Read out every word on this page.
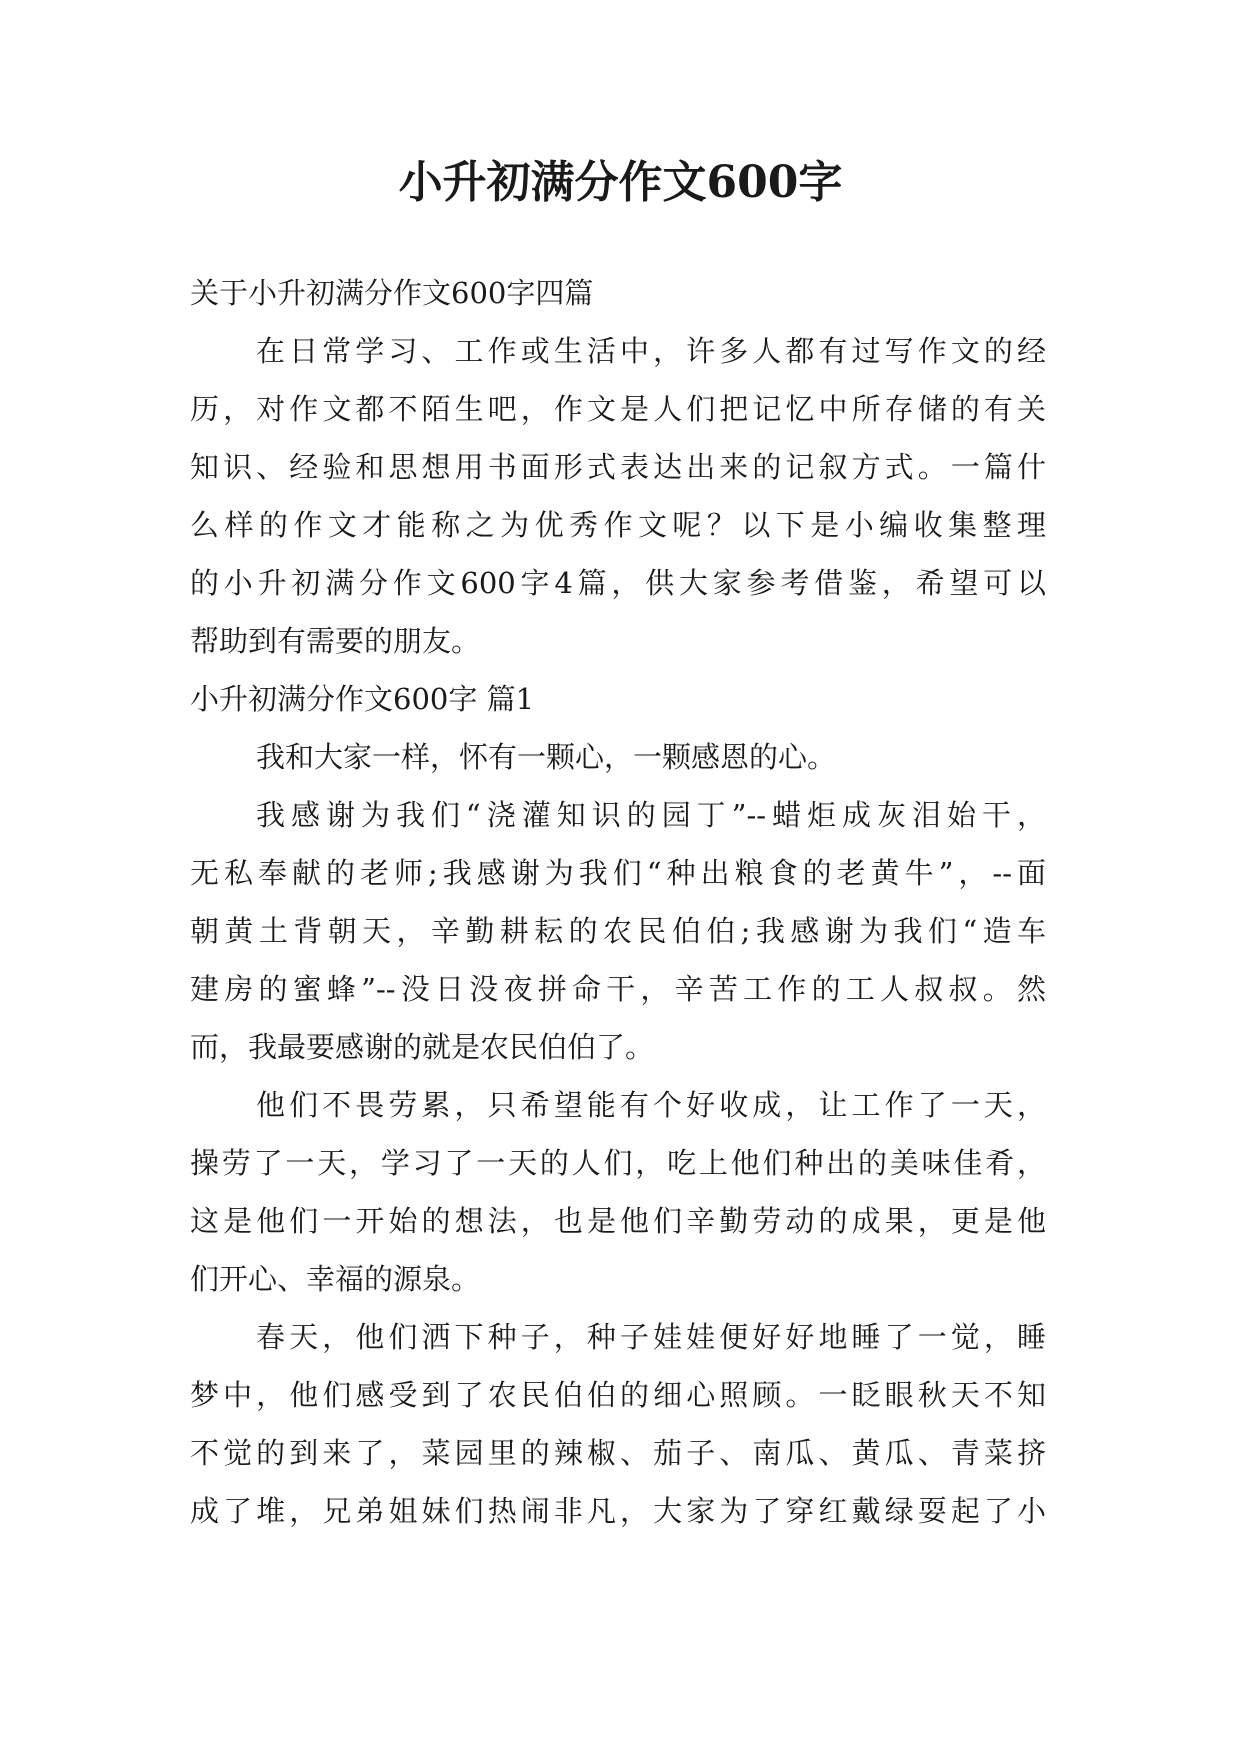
小升初满分作文600字

关于小升初满分作文600字四篇

在日常学习、工作或生活中，许多人都有过写作文的经

历，对作文都不陌生吧，作文是人们把记忆中所存储的有关

知识、经验和思想用书面形式表达出来的记叙方式。一篇什

么样的作文才能称之为优秀作文呢？以下是小编收集整理

的小升初满分作文600字4篇，供大家参考借鉴，希望可以

帮助到有需要的朋友。

小升初满分作文600字 篇1

我和大家一样，怀有一颗心，一颗感恩的心。

我感谢为我们“浇灌知识的园丁”--蜡炬成灰泪始干，

无私奉献的老师;我感谢为我们“种出粮食的老黄牛”，--面

朝黄土背朝天，辛勤耕耘的农民伯伯;我感谢为我们“造车

建房的蜜蜂”--没日没夜拼命干，辛苦工作的工人叔叔。然

而，我最要感谢的就是农民伯伯了。

他们不畏劳累，只希望能有个好收成，让工作了一天，

操劳了一天，学习了一天的人们，吃上他们种出的美味佳肴，

这是他们一开始的想法，也是他们辛勤劳动的成果，更是他

们开心、幸福的源泉。

春天，他们洒下种子，种子娃娃便好好地睡了一觉，睡

梦中，他们感受到了农民伯伯的细心照顾。一眨眼秋天不知

不觉的到来了，菜园里的辣椒、茄子、南瓜、黄瓜、青菜挤

成了堆，兄弟姐妹们热闹非凡，大家为了穿红戴绿耍起了小
